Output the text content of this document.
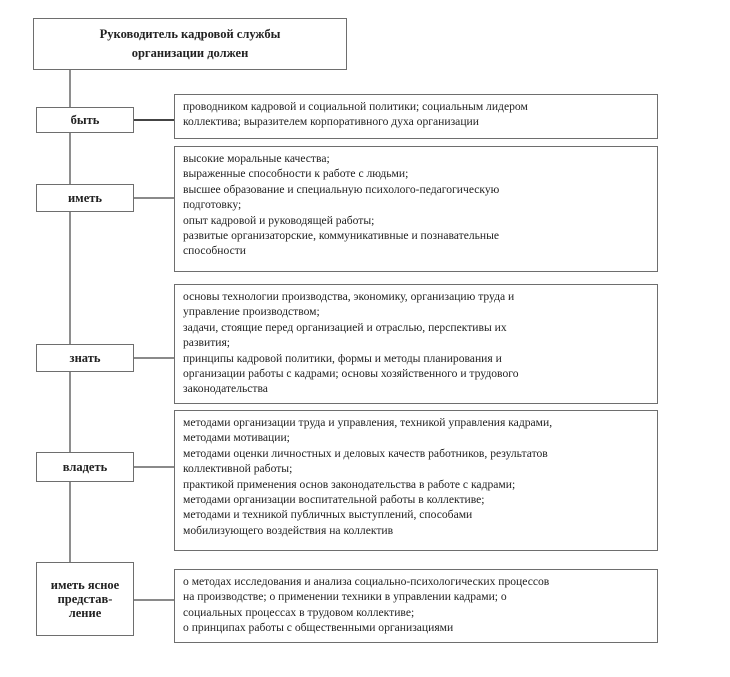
Руководитель кадровой службы
организации должен
быть
проводником кадровой и социальной политики; социальным лидером
коллектива; выразителем корпоративного духа организации
иметь
высокие моральные качества;
выраженные способности к работе с людьми;
высшее образование и специальную психолого-педагогическую
подготовку;
опыт кадровой и руководящей работы;
развитые организаторские, коммуникативные и познавательные
способности
знать
основы технологии производства, экономику, организацию труда и
управление производством;
задачи, стоящие перед организацией и отраслью, перспективы их
развития;
принципы кадровой политики, формы и методы планирования и
организации работы с кадрами; основы хозяйственного и трудового
законодательства
владеть
методами организации труда и управления, техникой управления кадрами,
методами мотивации;
методами оценки личностных и деловых качеств работников, результатов
коллективной работы;
практикой применения основ законодательства в работе с кадрами;
методами организации воспитательной работы в коллективе;
методами и техникой публичных выступлений, способами
мобилизующего воздействия на коллектив
иметь ясное
представ-
ление
о методах исследования и анализа социально-психологических процессов
на производстве; о применении техники в управлении кадрами; о
социальных процессах в трудовом коллективе;
о принципах работы с общественными организациями
